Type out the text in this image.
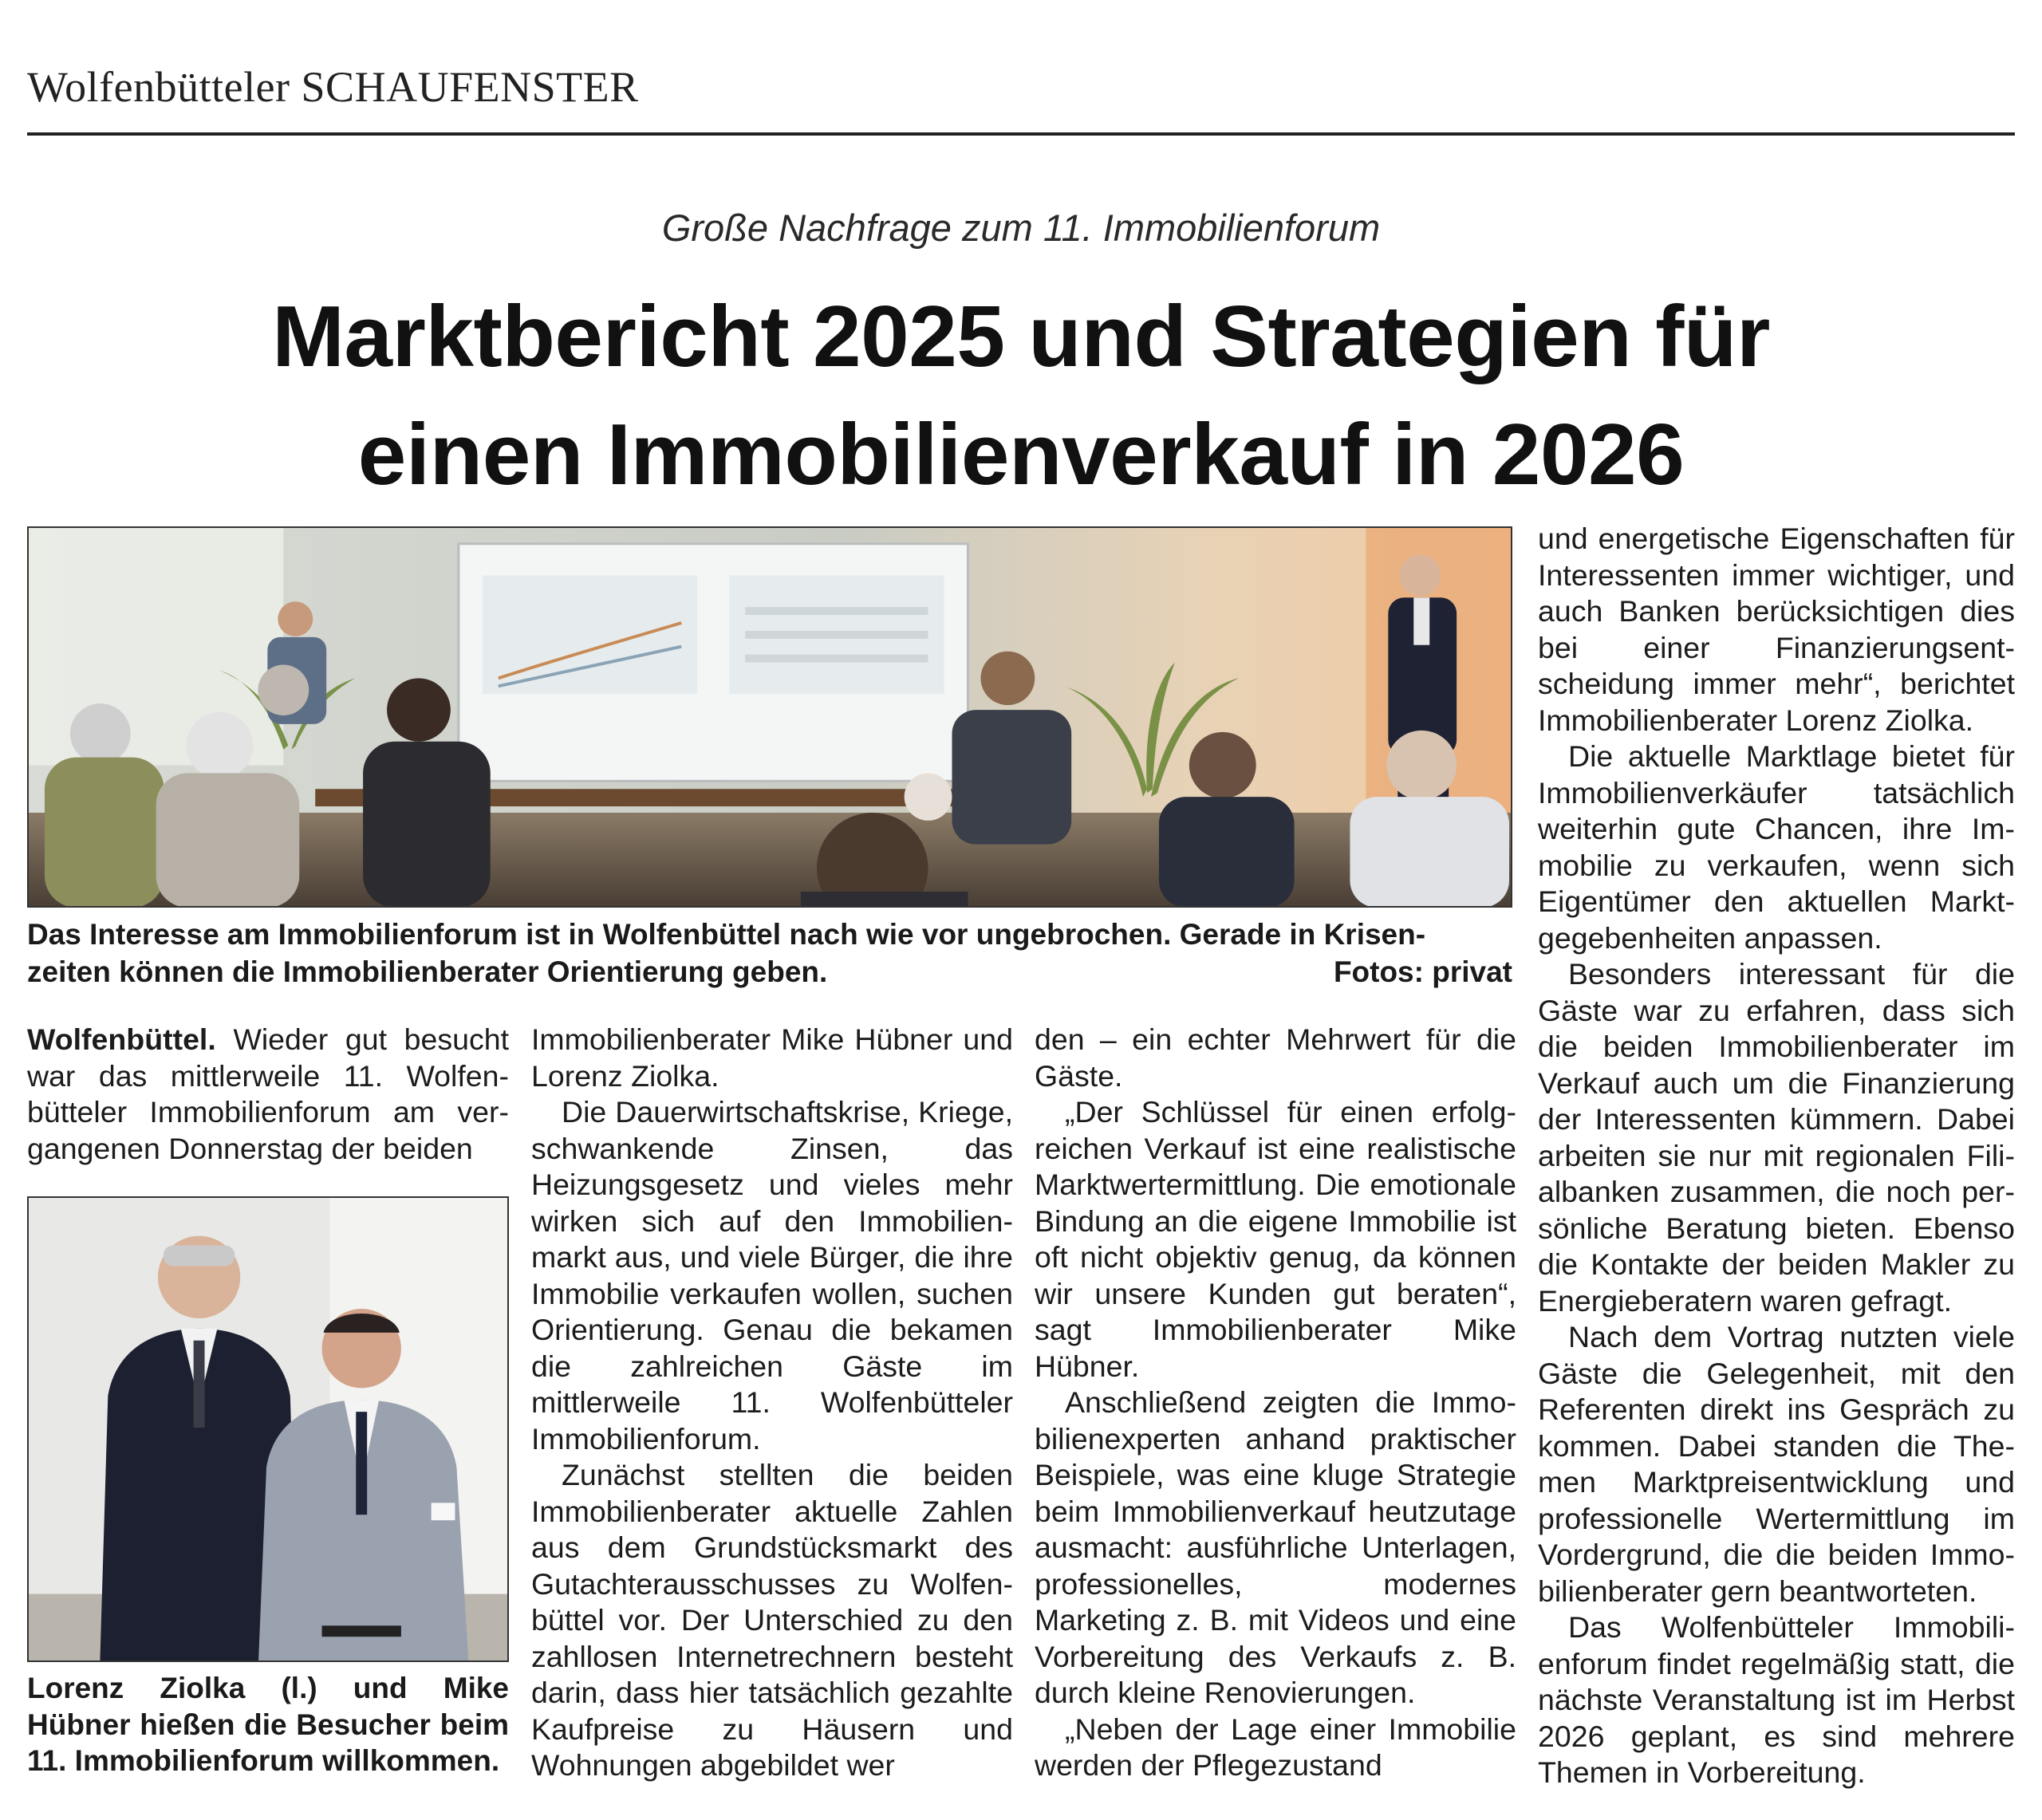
Wolfenbütteler SCHAUFENSTER
Große Nachfrage zum 11. Immobilienforum
Marktbericht 2025 und Strategien für
einen Immobilienverkauf in 2026
Das Interesse am Immobilienforum ist in Wolfenbüttel nach wie vor ungebrochen. Gerade in Krisen-
zeiten können die Immobilienberater Orientierung geben.	Fotos: privat

Wolfenbüttel. Wieder gut besucht war das mittlerweile 11. Wolfenbütteler Immobilienforum am vergangenen Donnerstag der beiden

Lorenz Ziolka (l.) und Mike Hübner hießen die Besucher beim 11. Immobilienforum willkommen.

Immobilienberater Mike Hübner und Lorenz Ziolka.

Die Dauerwirtschaftskrise, Kriege, schwankende Zinsen, das Heizungsgesetz und vieles mehr wirken sich auf den Immobilienmarkt aus, und viele Bürger, die ihre Immobilie verkaufen wollen, suchen Orientierung. Genau die bekamen die zahlreichen Gäste im mittlerweile 11. Wolfenbütteler Immobilienforum.

Zunächst stellten die beiden Immobilienberater aktuelle Zahlen aus dem Grundstücksmarkt des Gutachterausschusses zu Wolfenbüttel vor. Der Unterschied zu den zahllosen Internetrechnern besteht darin, dass hier tatsächlich gezahlte Kaufpreise zu Häusern und Wohnungen abgebildet wer

den – ein echter Mehrwert für die Gäste.

„Der Schlüssel für einen erfolgreichen Verkauf ist eine realistische Marktwertermittlung. Die emotionale Bindung an die eigene Immobilie ist oft nicht objektiv genug, da können wir unsere Kunden gut beraten“, sagt Immobilienberater Mike Hübner.

Anschließend zeigten die Immobilienexperten anhand praktischer Beispiele, was eine kluge Strategie beim Immobilienverkauf heutzutage ausmacht: ausführliche Unterlagen, professionelles, modernes Marketing z. B. mit Videos und eine Vorbereitung des Verkaufs z. B. durch kleine Renovierungen.

„Neben der Lage einer Immobilie werden der Pflegezustand

und energetische Eigenschaften für Interessenten immer wichtiger, und auch Banken berücksichtigen dies bei einer Finanzierungsentscheidung immer mehr“, berichtet Immobilienberater Lorenz Ziolka.

Die aktuelle Marktlage bietet für Immobilienverkäufer tatsächlich weiterhin gute Chancen, ihre Immobilie zu verkaufen, wenn sich Eigentümer den aktuellen Marktgegebenheiten anpassen.

Besonders interessant für die Gäste war zu erfahren, dass sich die beiden Immobilienberater im Verkauf auch um die Finanzierung der Interessenten kümmern. Dabei arbeiten sie nur mit regionalen Filialbanken zusammen, die noch persönliche Beratung bieten. Ebenso die Kontakte der beiden Makler zu Energieberatern waren gefragt.

Nach dem Vortrag nutzten viele Gäste die Gelegenheit, mit den Referenten direkt ins Gespräch zu kommen. Dabei standen die Themen Marktpreisentwicklung und professionelle Wertermittlung im Vordergrund, die die beiden Immobilienberater gern beantworteten.

Das Wolfenbütteler Immobilienforum findet regelmäßig statt, die nächste Veranstaltung ist im Herbst 2026 geplant, es sind mehrere Themen in Vorbereitung.
